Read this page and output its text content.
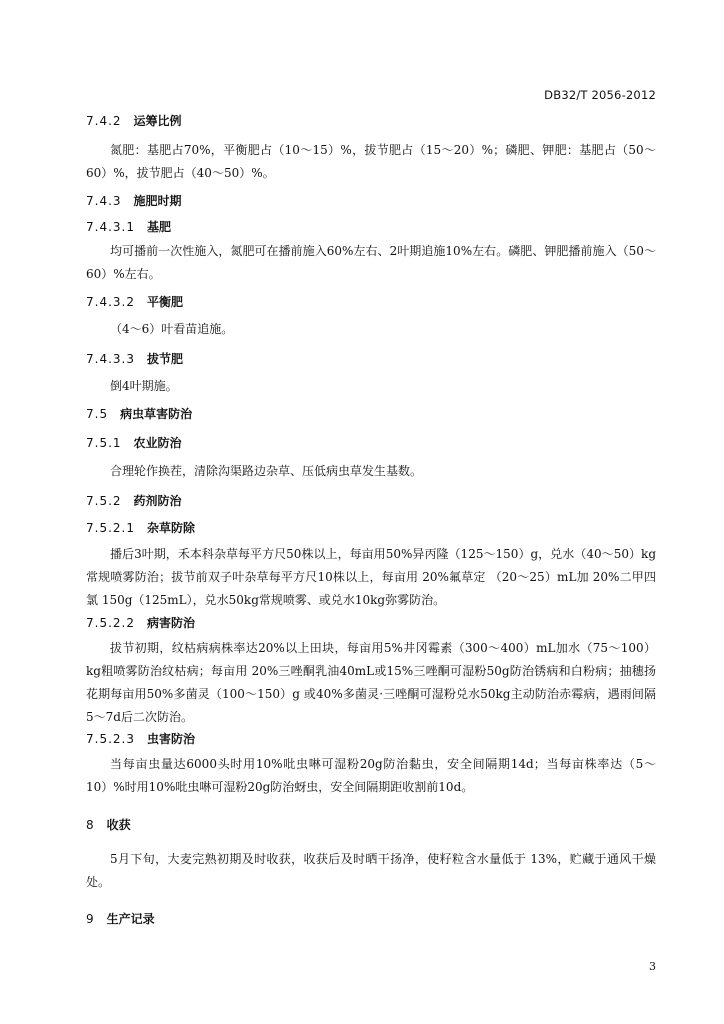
DB32/T 2056-2012
7.4.2 运筹比例

氮肥：基肥占70%，平衡肥占（10～15）%，拔节肥占（15～20）%；磷肥、钾肥：基肥占（50～60）%，拔节肥占（40～50）%。

7.4.3 施肥时期
7.4.3.1 基肥

均可播前一次性施入，氮肥可在播前施入60%左右、2叶期追施10%左右。磷肥、钾肥播前施入（50～60）%左右。

7.4.3.2 平衡肥

（4～6）叶看苗追施。

7.4.3.3 拔节肥

倒4叶期施。

7.5 病虫草害防治
7.5.1 农业防治

合理轮作换茬，清除沟渠路边杂草、压低病虫草发生基数。

7.5.2 药剂防治
7.5.2.1 杂草防除

播后3叶期，禾本科杂草每平方尺50株以上，每亩用50%异丙隆（125～150）g，兑水（40～50）kg常规喷雾防治；拔节前双子叶杂草每平方尺10株以上，每亩用 20%氟草定 （20～25）mL加 20%二甲四氯 150g（125mL），兑水50kg常规喷雾、或兑水10kg弥雾防治。

7.5.2.2 病害防治

拔节初期，纹枯病病株率达20%以上田块，每亩用5%井冈霉素（300～400）mL加水（75～100）kg粗喷雾防治纹枯病；每亩用 20%三唑酮乳油40mL或15%三唑酮可湿粉50g防治锈病和白粉病；抽穗扬花期每亩用50%多菌灵（100～150）g 或40%多菌灵·三唑酮可湿粉兑水50kg主动防治赤霉病，遇雨间隔5～7d后二次防治。

7.5.2.3 虫害防治

当每亩虫量达6000头时用10%吡虫啉可湿粉20g防治黏虫，安全间隔期14d；当每亩株率达（5～10）%时用10%吡虫啉可湿粉20g防治蚜虫，安全间隔期距收割前10d。

8 收获

5月下旬，大麦完熟初期及时收获，收获后及时晒干扬净，使籽粒含水量低于 13%，贮藏于通风干燥处。

9 生产记录
3
